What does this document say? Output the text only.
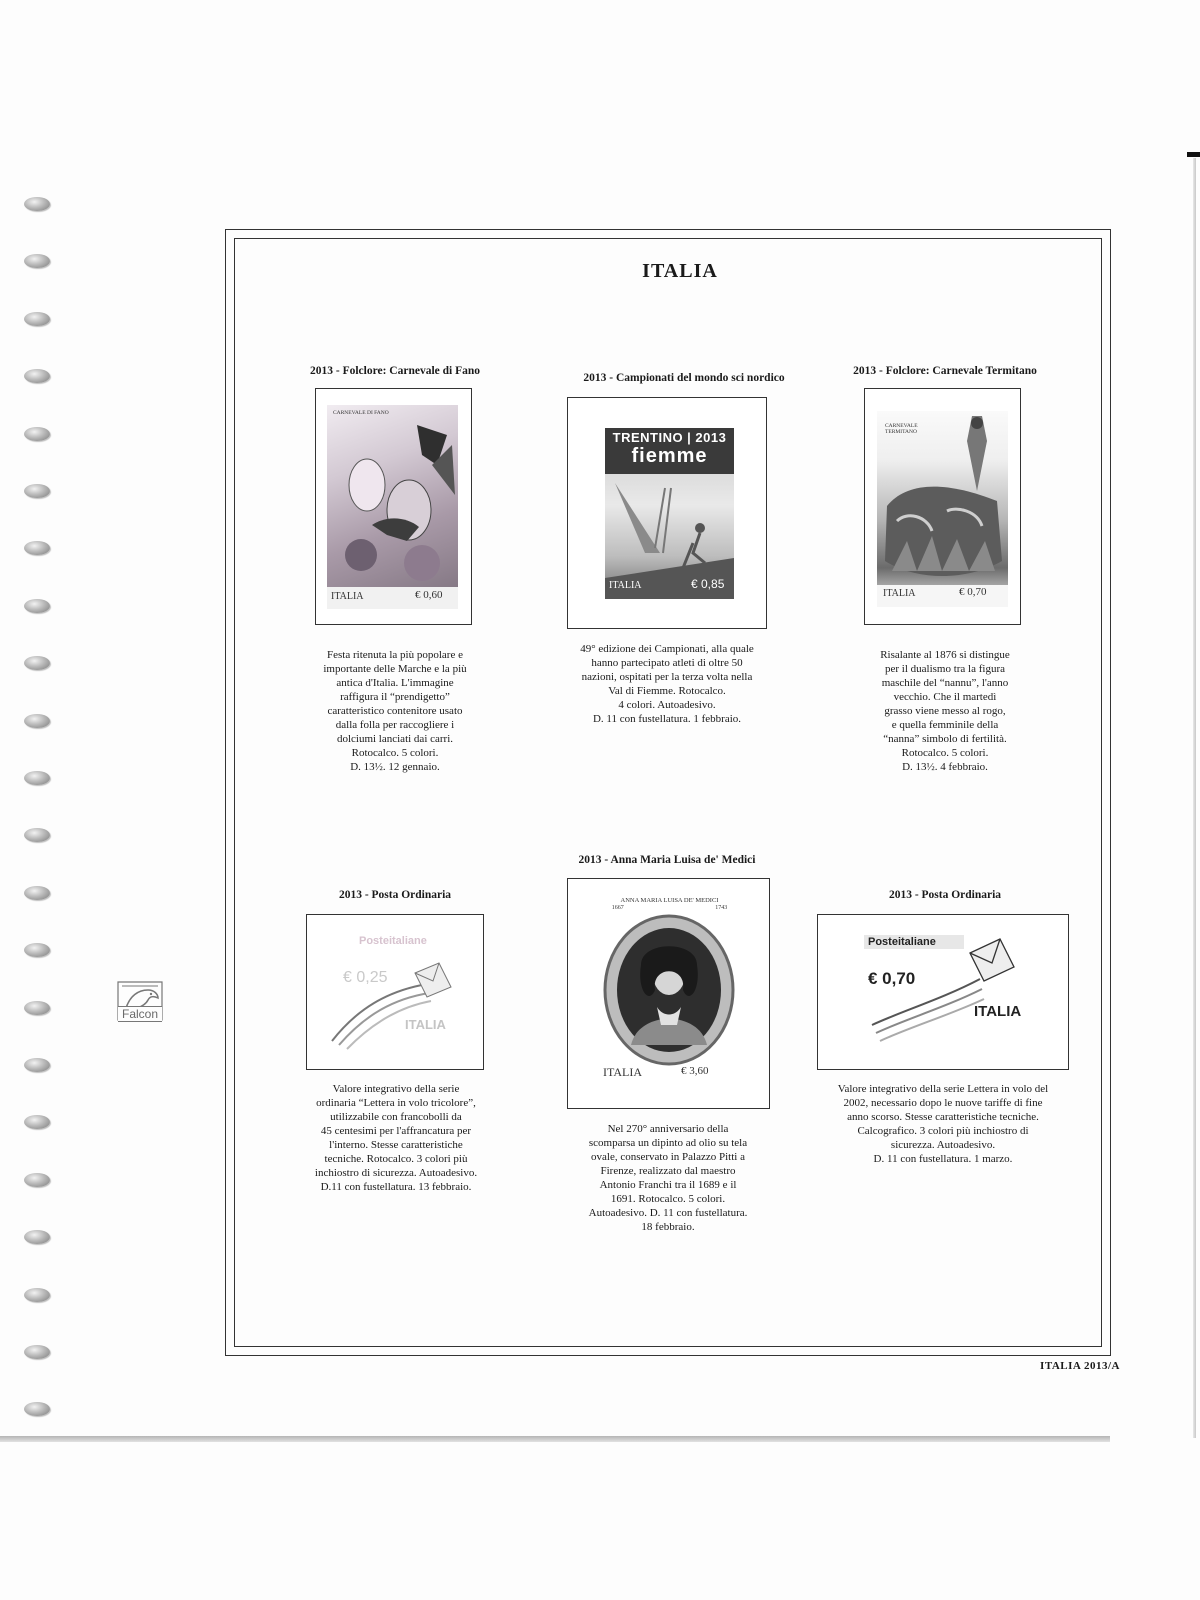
Falcon
ITALIA
ITALIA 2013/A
2013 - Folclore: Carnevale di Fano
CARNEVALE DI FANO
ITALIA	€ 0,60
Festa ritenuta la più popolare e
importante delle Marche e la più
antica d'Italia. L'immagine
raffigura il “prendigetto”
caratteristico contenitore usato
dalla folla per raccogliere i
dolciumi lanciati dai carri.
Rotocalco. 5 colori.
D. 13½. 12 gennaio.
2013 - Campionati del mondo sci nordico
TRENTINO | 2013
fiemme
ITALIA	€ 0,85
49° edizione dei Campionati, alla quale
hanno partecipato atleti di oltre 50
nazioni, ospitati per la terza volta nella
Val di Fiemme. Rotocalco.
4 colori. Autoadesivo.
D. 11 con fustellatura. 1 febbraio.
2013 - Folclore: Carnevale Termitano
CARNEVALE TERMITANO
ITALIA	€ 0,70
Risalante al 1876 si distingue
per il dualismo tra la figura
maschile del “nannu”, l'anno
vecchio. Che il martedì
grasso viene messo al rogo,
e quella femminile della
“nanna” simbolo di fertilità.
Rotocalco. 5 colori.
D. 13½. 4 febbraio.
2013 - Posta Ordinaria
Posteitaliane
€ 0,25
ITALIA
Valore integrativo della serie
ordinaria “Lettera in volo tricolore”,
utilizzabile con francobolli da
45 centesimi per l'affrancatura per
l'interno. Stesse caratteristiche
tecniche. Rotocalco. 3 colori più
inchiostro di sicurezza. Autoadesivo.
D.11 con fustellatura. 13 febbraio.
2013 - Anna Maria Luisa de' Medici
ANNA MARIA LUISA DE' MEDICI
1667 1743
ITALIA	€ 3,60
Nel 270° anniversario della
scomparsa un dipinto ad olio su tela
ovale, conservato in Palazzo Pitti a
Firenze, realizzato dal maestro
Antonio Franchi tra il 1689 e il
1691. Rotocalco. 5 colori.
Autoadesivo. D. 11 con fustellatura.
18 febbraio.
2013 - Posta Ordinaria
Posteitaliane
€ 0,70
ITALIA
Valore integrativo della serie Lettera in volo del
2002, necessario dopo le nuove tariffe di fine
anno scorso. Stesse caratteristiche tecniche.
Calcografico. 3 colori più inchiostro di
sicurezza. Autoadesivo.
D. 11 con fustellatura. 1 marzo.
